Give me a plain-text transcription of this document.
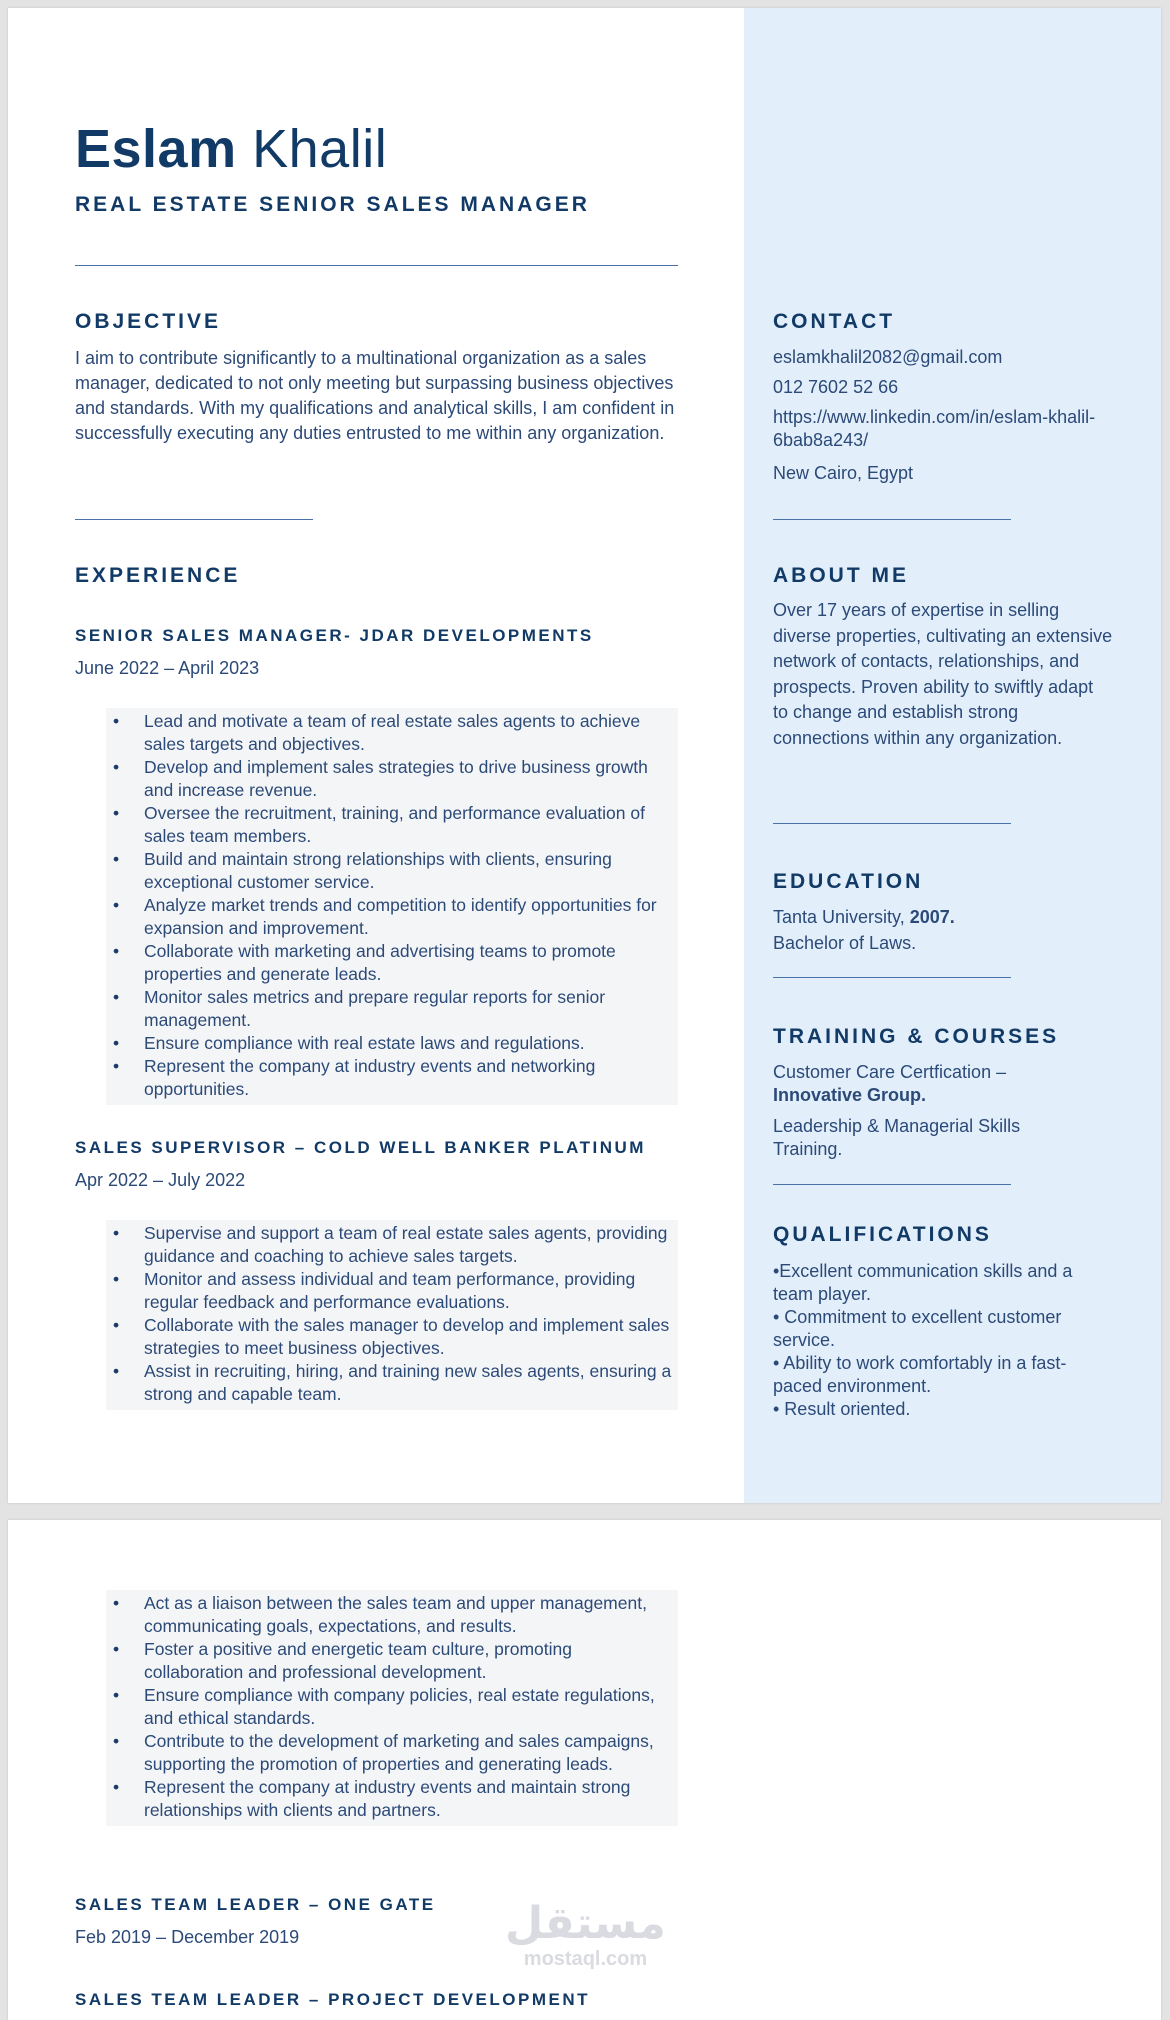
Eslam Khalil
REAL ESTATE SENIOR SALES MANAGER
OBJECTIVE
I aim to contribute significantly to a multinational organization as a sales manager, dedicated to not only meeting but surpassing business objectives and standards. With my qualifications and analytical skills, I am confident in successfully executing any duties entrusted to me within any organization.
EXPERIENCE
SENIOR SALES MANAGER- JDAR DEVELOPMENTS
June 2022 – April 2023
• Lead and motivate a team of real estate sales agents to achieve sales targets and objectives.
• Develop and implement sales strategies to drive business growth and increase revenue.
• Oversee the recruitment, training, and performance evaluation of sales team members.
• Build and maintain strong relationships with clients, ensuring exceptional customer service.
• Analyze market trends and competition to identify opportunities for expansion and improvement.
• Collaborate with marketing and advertising teams to promote properties and generate leads.
• Monitor sales metrics and prepare regular reports for senior management.
• Ensure compliance with real estate laws and regulations.
• Represent the company at industry events and networking opportunities.
SALES SUPERVISOR – COLD WELL BANKER PLATINUM
Apr 2022 – July 2022
• Supervise and support a team of real estate sales agents, providing guidance and coaching to achieve sales targets.
• Monitor and assess individual and team performance, providing regular feedback and performance evaluations.
• Collaborate with the sales manager to develop and implement sales strategies to meet business objectives.
• Assist in recruiting, hiring, and training new sales agents, ensuring a strong and capable team.
CONTACT
eslamkhalil2082@gmail.com
012 7602 52 66
https://www.linkedin.com/in/eslam-khalil-6bab8a243/
New Cairo, Egypt
ABOUT ME
Over 17 years of expertise in selling diverse properties, cultivating an extensive network of contacts, relationships, and prospects. Proven ability to swiftly adapt to change and establish strong connections within any organization.
EDUCATION
Tanta University, 2007.
Bachelor of Laws.
TRAINING & COURSES
Customer Care Certfication –
Innovative Group.
Leadership & Managerial Skills Training.
QUALIFICATIONS
•Excellent communication skills and a team player.
• Commitment to excellent customer service.
• Ability to work comfortably in a fast-paced environment.
• Result oriented.
• Act as a liaison between the sales team and upper management, communicating goals, expectations, and results.
• Foster a positive and energetic team culture, promoting collaboration and professional development.
• Ensure compliance with company policies, real estate regulations, and ethical standards.
• Contribute to the development of marketing and sales campaigns, supporting the promotion of properties and generating leads.
• Represent the company at industry events and maintain strong relationships with clients and partners.
SALES TEAM LEADER – ONE GATE
Feb 2019 – December 2019
SALES TEAM LEADER – PROJECT DEVELOPMENT
مستقل
mostaql.com
